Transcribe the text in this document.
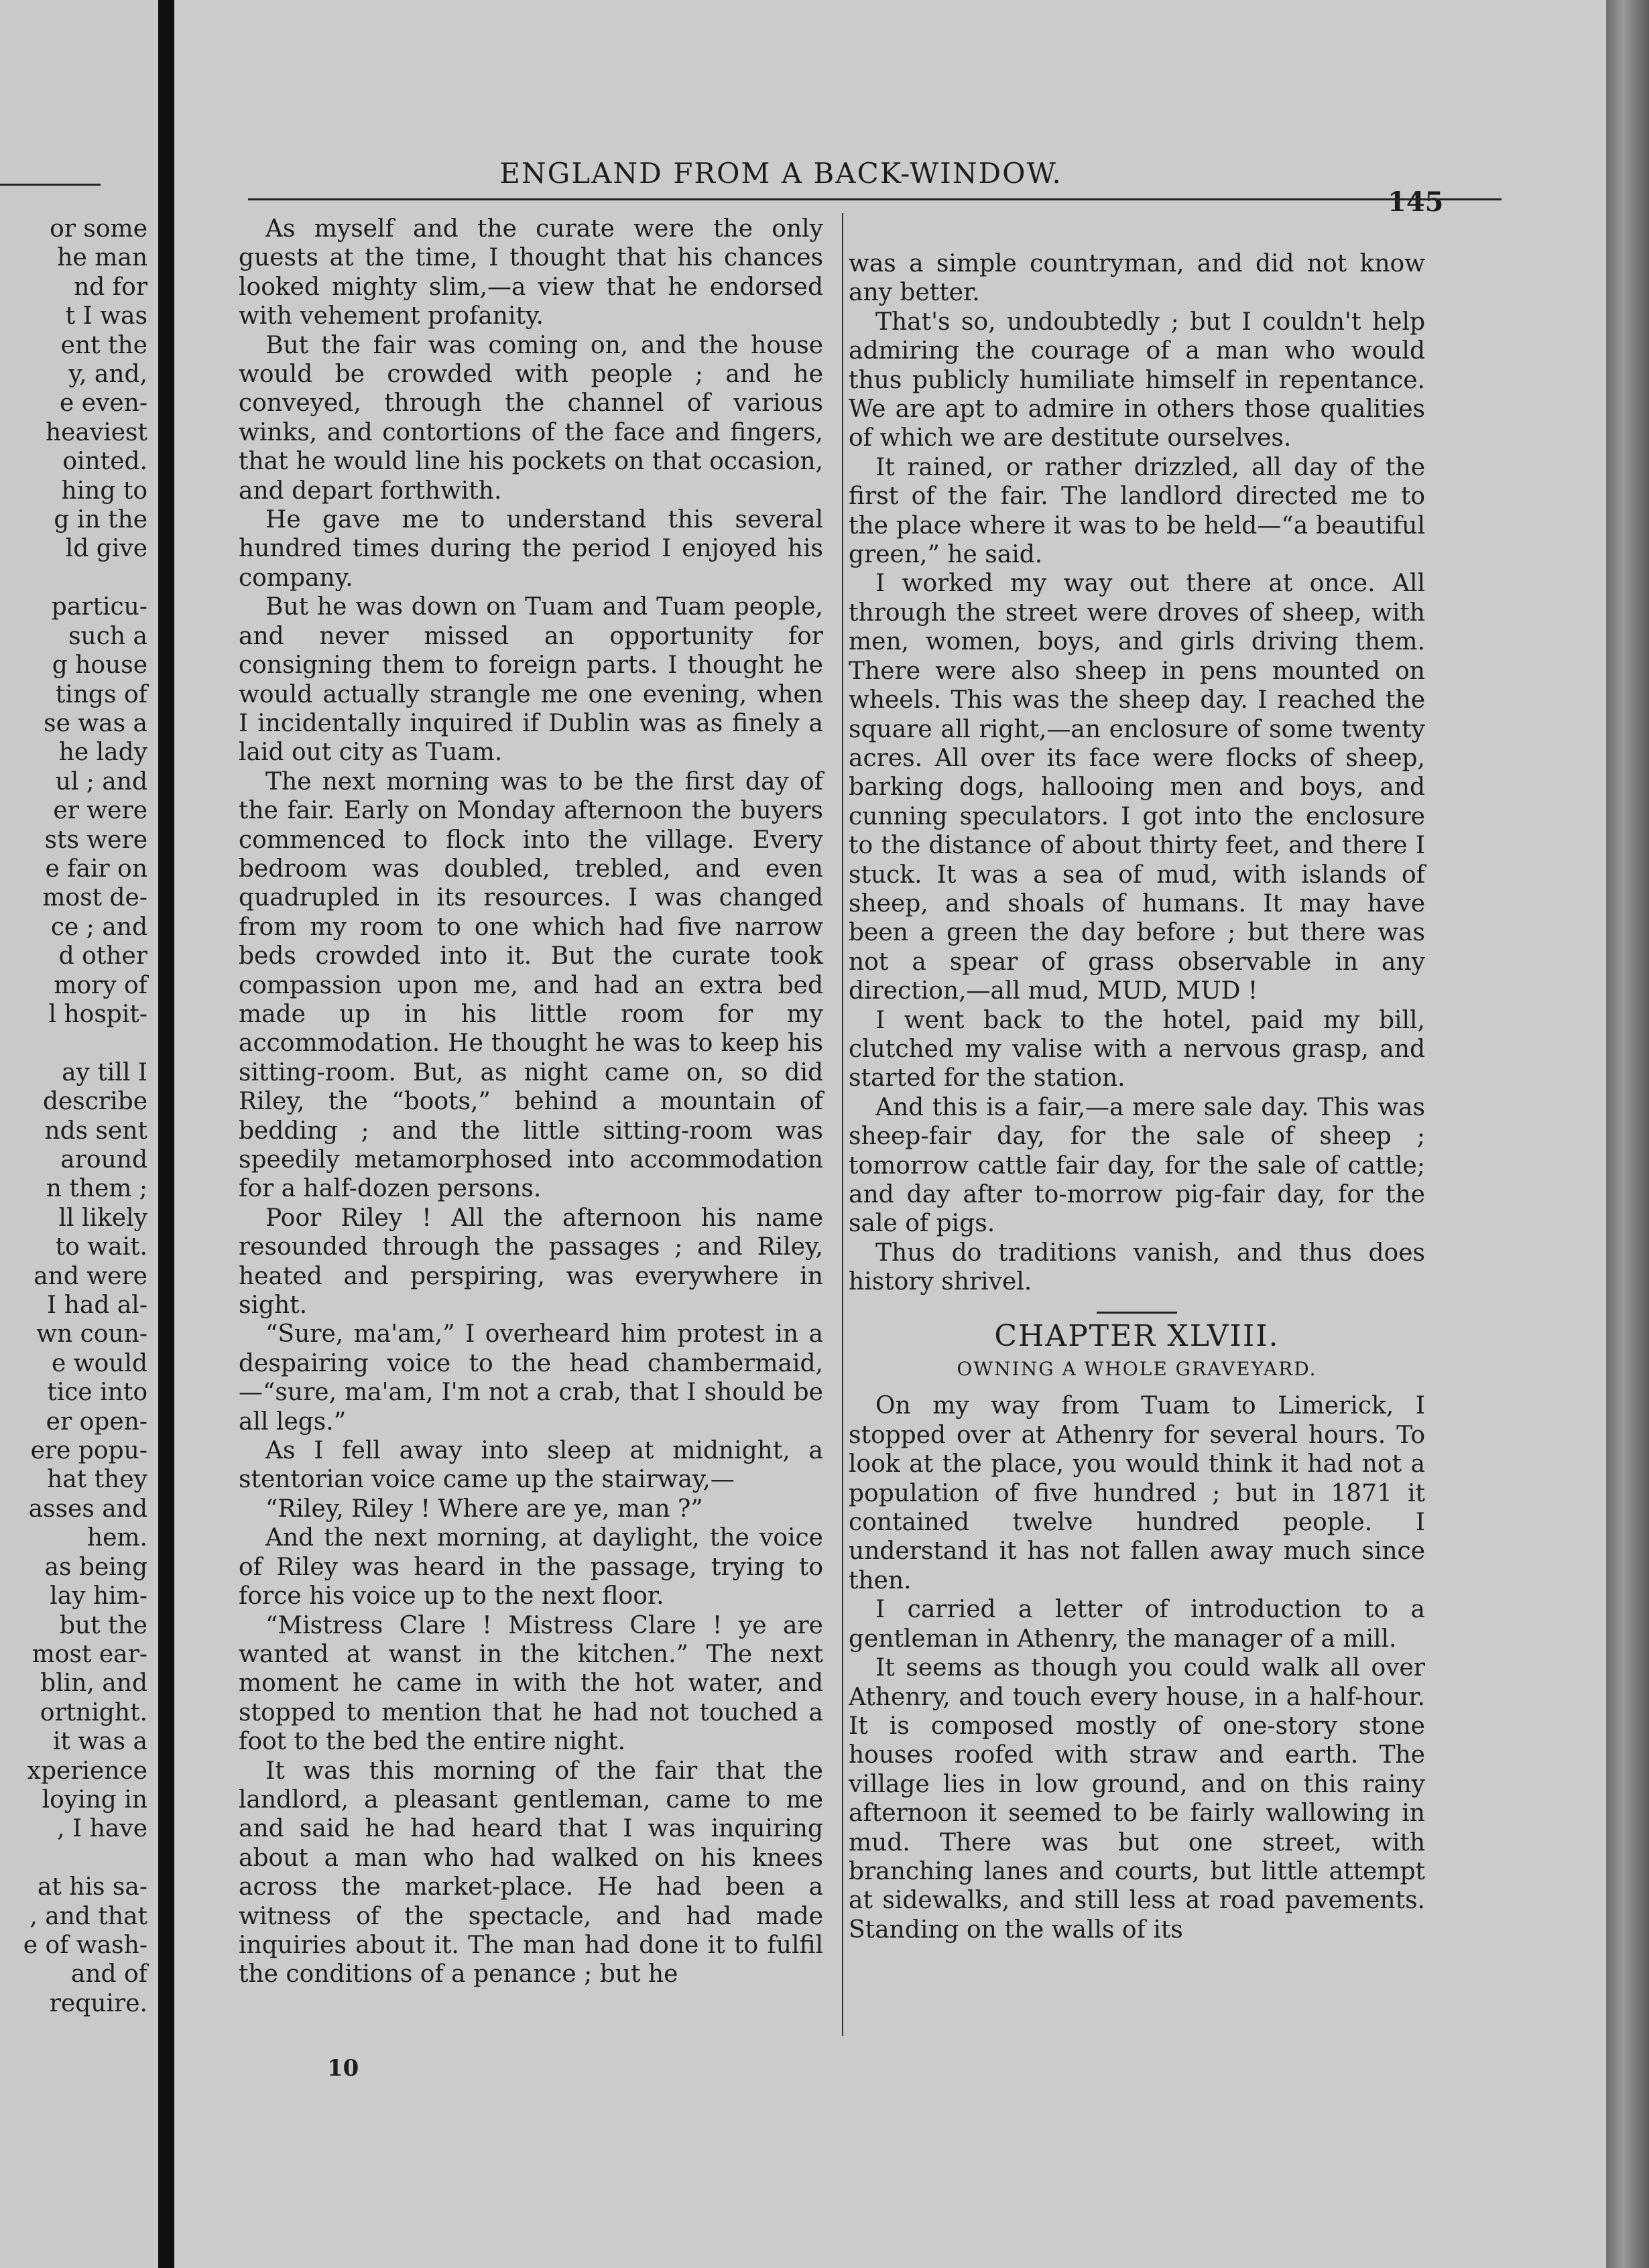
or some
he man
nd for
t I was
ent the
y, and,
e even-
heaviest
ointed.
hing to
g in the
ld give

particu-
such a
g house
tings of
se was a
he lady
ul ; and
er were
sts were
e fair on
most de-
ce ; and
d other
mory of
l hospit-

ay till I
describe
nds sent
around
n them ;
ll likely
to wait.
and were
I had al-
wn coun-
e would
tice into
er open-
ere popu-
hat they
asses and
hem.
as being
lay him-
but the
most ear-
blin, and
ortnight.
it was a
xperience
loying in
, I have

at his sa-
, and that
e of wash-
and of
require.
ENGLAND FROM A BACK-WINDOW.
145

As myself and the curate were the only guests at the time, I thought that his chances looked mighty slim,—a view that he endorsed with vehement profanity.

But the fair was coming on, and the house would be crowded with people ; and he conveyed, through the channel of various winks, and contortions of the face and fingers, that he would line his pockets on that occasion, and depart forthwith.

He gave me to understand this several hundred times during the period I enjoyed his company.

But he was down on Tuam and Tuam people, and never missed an opportunity for consigning them to foreign parts. I thought he would actually strangle me one evening, when I incidentally inquired if Dublin was as finely a laid out city as Tuam.

The next morning was to be the first day of the fair. Early on Monday afternoon the buyers commenced to flock into the village. Every bedroom was doubled, trebled, and even quadrupled in its resources. I was changed from my room to one which had five narrow beds crowded into it. But the curate took compassion upon me, and had an extra bed made up in his little room for my accommodation. He thought he was to keep his sitting-room. But, as night came on, so did Riley, the “boots,” behind a mountain of bedding ; and the little sitting-room was speedily metamorphosed into accommodation for a half-dozen persons.

Poor Riley ! All the afternoon his name resounded through the passages ; and Riley, heated and perspiring, was everywhere in sight.

“Sure, ma'am,” I overheard him protest in a despairing voice to the head chambermaid,—“sure, ma'am, I'm not a crab, that I should be all legs.”

As I fell away into sleep at midnight, a stentorian voice came up the stairway,—

“Riley, Riley ! Where are ye, man ?”

And the next morning, at daylight, the voice of Riley was heard in the passage, trying to force his voice up to the next floor.

“Mistress Clare ! Mistress Clare ! ye are wanted at wanst in the kitchen.” The next moment he came in with the hot water, and stopped to mention that he had not touched a foot to the bed the entire night.

It was this morning of the fair that the landlord, a pleasant gentleman, came to me and said he had heard that I was inquiring about a man who had walked on his knees across the market-place. He had been a witness of the spectacle, and had made inquiries about it. The man had done it to fulfil the conditions of a penance ; but he

was a simple countryman, and did not know any better.

That's so, undoubtedly ; but I couldn't help admiring the courage of a man who would thus publicly humiliate himself in repentance. We are apt to admire in others those qualities of which we are destitute ourselves.

It rained, or rather drizzled, all day of the first of the fair. The landlord directed me to the place where it was to be held—“a beautiful green,” he said.

I worked my way out there at once. All through the street were droves of sheep, with men, women, boys, and girls driving them. There were also sheep in pens mounted on wheels. This was the sheep day. I reached the square all right,—an enclosure of some twenty acres. All over its face were flocks of sheep, barking dogs, hallooing men and boys, and cunning speculators. I got into the enclosure to the distance of about thirty feet, and there I stuck. It was a sea of mud, with islands of sheep, and shoals of humans. It may have been a green the day before ; but there was not a spear of grass observable in any direction,—all mud, MUD, MUD !

I went back to the hotel, paid my bill, clutched my valise with a nervous grasp, and started for the station.

And this is a fair,—a mere sale day. This was sheep-fair day, for the sale of sheep ; tomorrow cattle fair day, for the sale of cattle; and day after to-morrow pig-fair day, for the sale of pigs.

Thus do traditions vanish, and thus does history shrivel.

CHAPTER XLVIII.
OWNING A WHOLE GRAVEYARD.

On my way from Tuam to Limerick, I stopped over at Athenry for several hours. To look at the place, you would think it had not a population of five hundred ; but in 1871 it contained twelve hundred people. I understand it has not fallen away much since then.

I carried a letter of introduction to a gentleman in Athenry, the manager of a mill.

It seems as though you could walk all over Athenry, and touch every house, in a half-hour. It is composed mostly of one-story stone houses roofed with straw and earth. The village lies in low ground, and on this rainy afternoon it seemed to be fairly wallowing in mud. There was but one street, with branching lanes and courts, but little attempt at sidewalks, and still less at road pavements. Standing on the walls of its

10
